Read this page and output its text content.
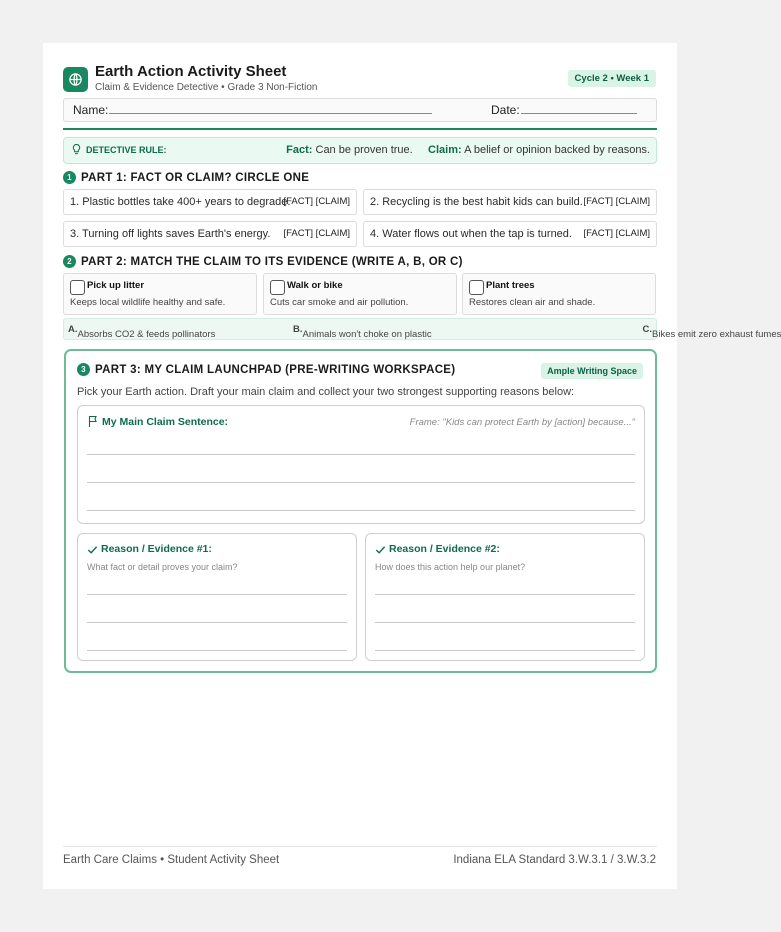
Earth Action Activity Sheet
Claim & Evidence Detective • Grade 3 Non-Fiction
Cycle 2 • Week 1
Name:	Date:
DETECTIVE RULE:	Fact: Can be proven true. Claim: A belief or opinion backed by reasons.
1 PART 1: FACT OR CLAIM? CIRCLE ONE
1. Plastic bottles take 400+ years to degrade.
[FACT] [CLAIM] 2. Recycling is the best habit kids can build. [FACT] [CLAIM]
3. Turning off lights saves Earth's energy. [FACT] [CLAIM] 4. Water flows out when the tap is turned. [FACT] [CLAIM]
2 PART 2: MATCH THE CLAIM TO ITS EVIDENCE (WRITE A, B, OR C)
Pick up litter
Keeps local wildlife healthy and safe.
Walk or bike
Cuts car smoke and air pollution.
Plant trees
Restores clean air and shade.
A. Absorbs CO2 & feeds pollinators	B. Animals won't choke on plastic	C. Bikes emit zero exhaust fumes
3 PART 3: MY CLAIM LAUNCHPAD (PRE-WRITING WORKSPACE)	Ample Writing Space
Pick your Earth action. Draft your main claim and collect your two strongest supporting reasons below:
My Main Claim Sentence:	Frame: "Kids can protect Earth by [action] because..."
Reason / Evidence #1:
What fact or detail proves your claim?
Reason / Evidence #2:
How does this action help our planet?
Earth Care Claims • Student Activity Sheet	Indiana ELA Standard 3.W.3.1 / 3.W.3.2
